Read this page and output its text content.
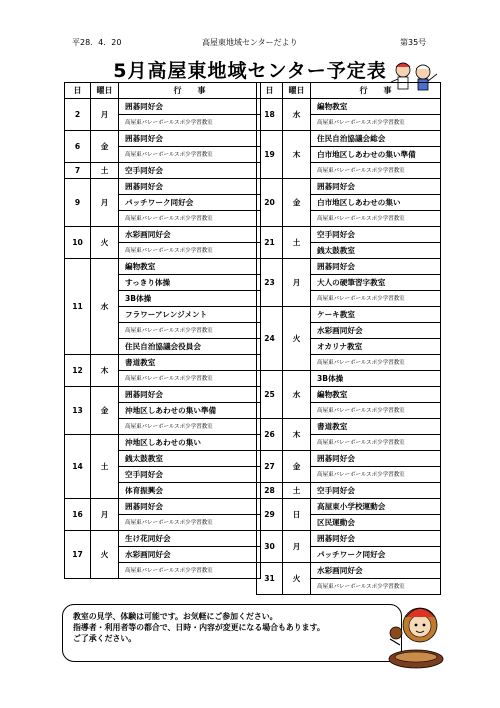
平28．4．20	高屋東地域センターだより	第35号
5月高屋東地域センター予定表
日	曜日	行　　事
2	月	囲碁同好会
		高屋東バレーボールスポ少学習教室
6	金	囲碁同好会
		高屋東バレーボールスポ少学習教室
7	土	空手同好会
9	月	囲碁同好会
		パッチワーク同好会
		高屋東バレーボールスポ少学習教室
10	火	水彩画同好会
		高屋東バレーボールスポ少学習教室
11	水	編物教室
		すっきり体操
		3B体操
		フラワーアレンジメント
		高屋東バレーボールスポ少学習教室
		住民自治協議会役員会
12	木	書道教室
		高屋東バレーボールスポ少学習教室
13	金	囲碁同好会
		沖地区しあわせの集い準備
		高屋東バレーボールスポ少学習教室
14	土	沖地区しあわせの集い
		銭太鼓教室
		空手同好会
		体育振興会
16	月	囲碁同好会
		高屋東バレーボールスポ少学習教室
17	火	生け花同好会
		水彩画同好会
		高屋東バレーボールスポ少学習教室
日	曜日	行　　事
18	水	編物教室
		高屋東バレーボールスポ少学習教室
19	木	住民自治協議会総会
		白市地区しあわせの集い準備
		高屋東バレーボールスポ少学習教室
20	金	囲碁同好会
		白市地区しあわせの集い
		高屋東バレーボールスポ少学習教室
21	土	空手同好会
		銭太鼓教室
23	月	囲碁同好会
		大人の硬筆習字教室
		高屋東バレーボールスポ少学習教室
24	火	ケーキ教室
		水彩画同好会
		オカリナ教室
		高屋東バレーボールスポ少学習教室
25	水	3B体操
		編物教室
		高屋東バレーボールスポ少学習教室
26	木	書道教室
		高屋東バレーボールスポ少学習教室
27	金	囲碁同好会
		高屋東バレーボールスポ少学習教室
28	土	空手同好会
29	日	高屋東小学校運動会
		区民運動会
30	月	囲碁同好会
		パッチワーク同好会
31	火	水彩画同好会
		高屋東バレーボールスポ少学習教室
教室の見学、体験は可能です。お気軽にご参加ください。
指導者・利用者等の都合で、日時・内容が変更になる場合もあります。
ご了承ください。
